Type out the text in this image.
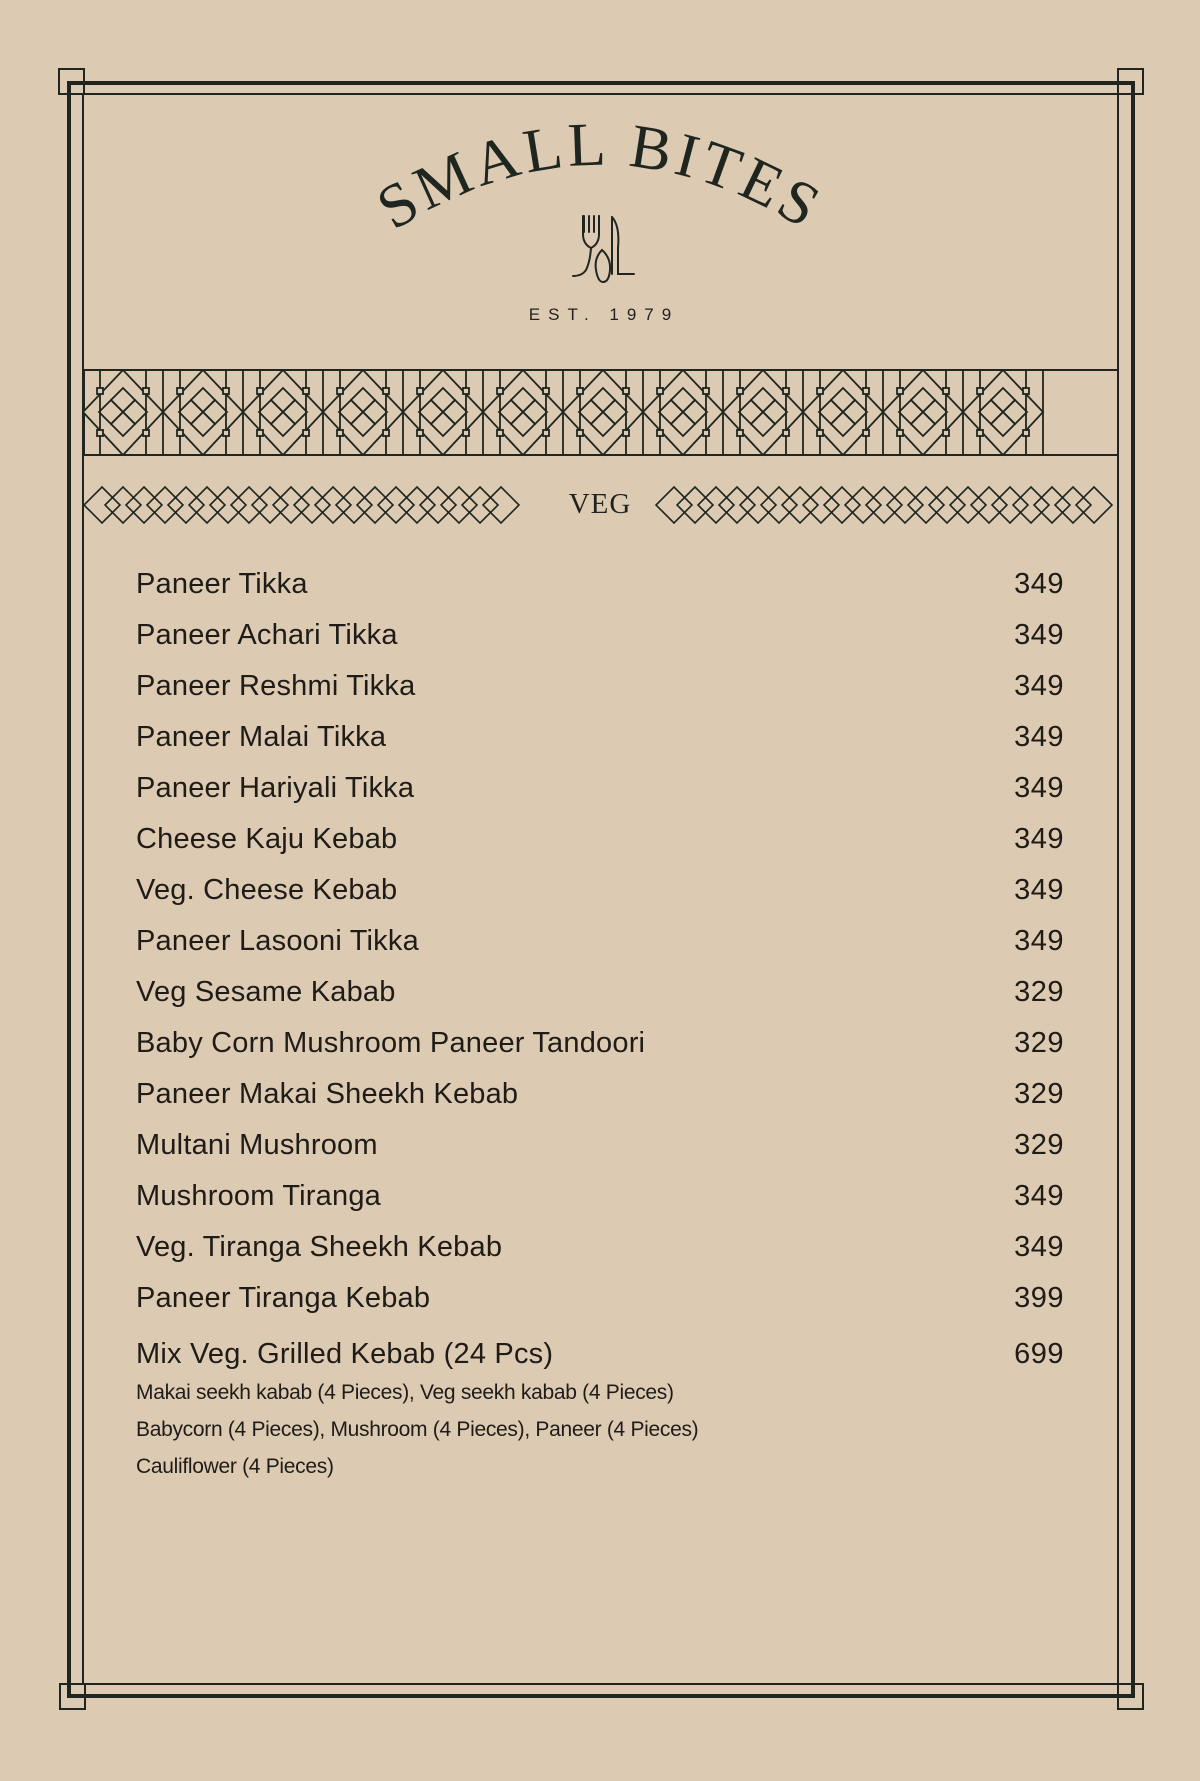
SMALL BITES
EST. 1979
VEG
Paneer Tikka	349
Paneer Achari Tikka	349
Paneer Reshmi Tikka	349
Paneer Malai Tikka	349
Paneer Hariyali Tikka	349
Cheese Kaju Kebab	349
Veg. Cheese Kebab	349
Paneer Lasooni Tikka	349
Veg Sesame Kabab	329
Baby Corn Mushroom Paneer Tandoori	329
Paneer Makai Sheekh Kebab	329
Multani Mushroom	329
Mushroom Tiranga	349
Veg. Tiranga Sheekh Kebab	349
Paneer Tiranga Kebab	399
Mix Veg. Grilled Kebab (24 Pcs)	699
Makai seekh kabab (4 Pieces), Veg seekh kabab (4 Pieces)
Babycorn (4 Pieces), Mushroom (4 Pieces), Paneer (4 Pieces)
Cauliflower (4 Pieces)
